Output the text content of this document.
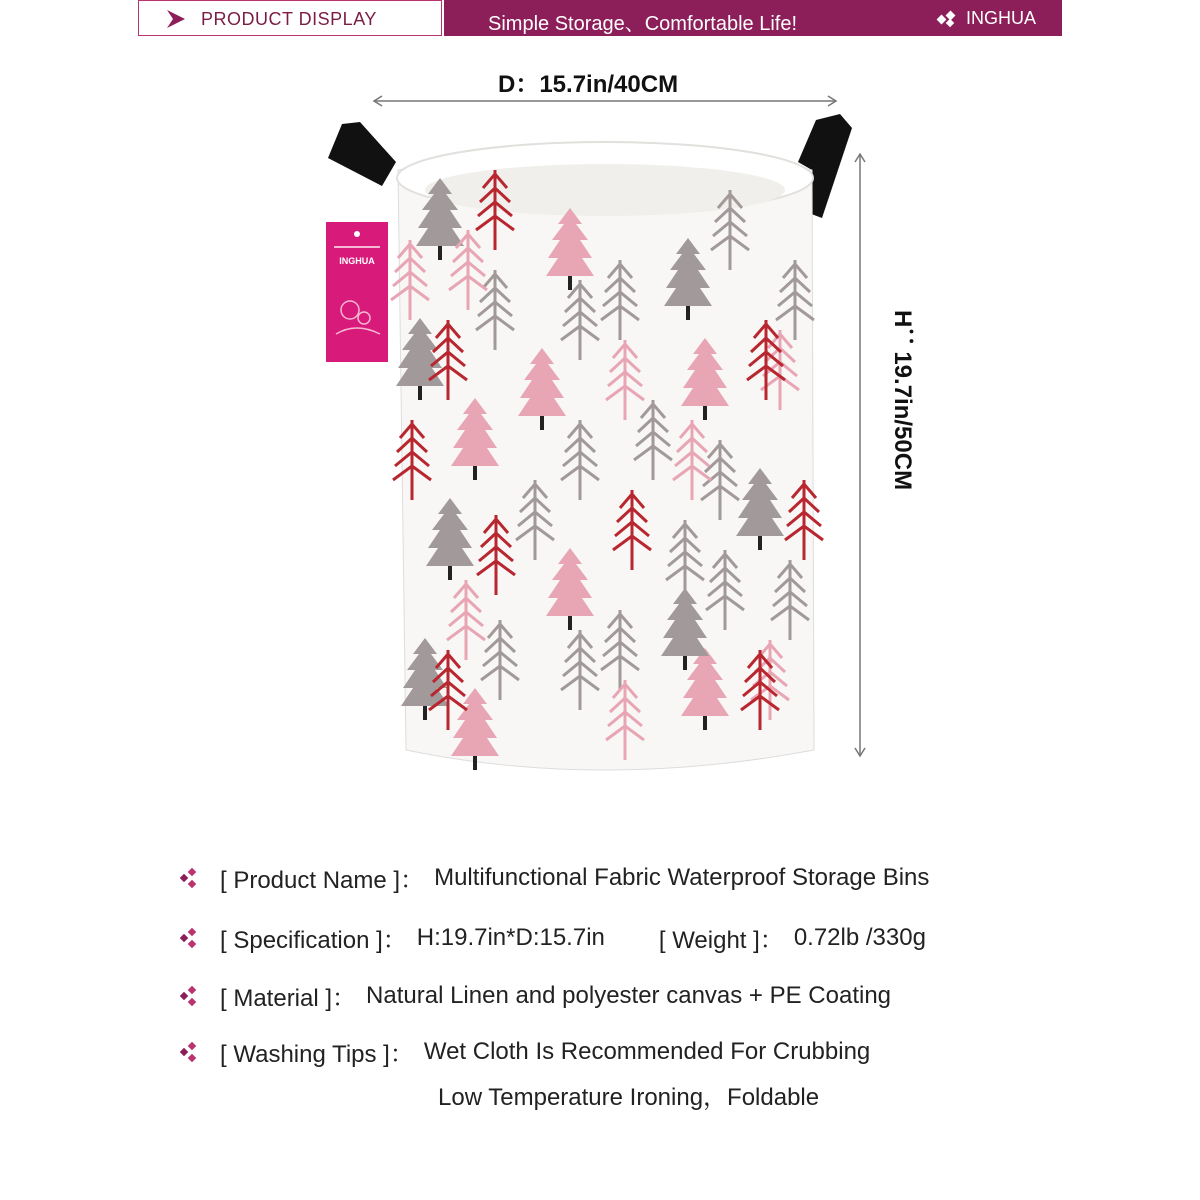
PRODUCT DISPLAY	Simple Storage、Comfortable Life!	INGHUA
D：15.7in/40CM
H：19.7in/50CM
INGHUA
[ Product Name ]： Multifunctional Fabric Waterproof Storage Bins
[ Specification ]： H:19.7in*D:15.7in [ Weight ]： 0.72lb /330g
[ Material ]： Natural Linen and polyester canvas + PE Coating
[ Washing Tips ]： Wet Cloth Is Recommended For Crubbing
Low Temperature Ironing，Foldable
